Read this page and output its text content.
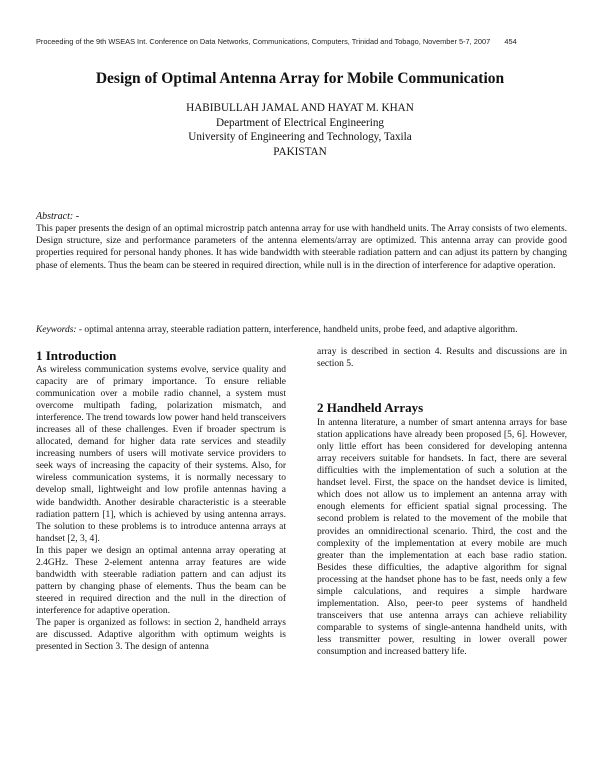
Proceeding of the 9th WSEAS Int. Conference on Data Networks, Communications, Computers, Trinidad and Tobago, November 5-7, 2007 454
Design of Optimal Antenna Array for Mobile Communication
HABIBULLAH JAMAL AND HAYAT M. KHAN
Department of Electrical Engineering
University of Engineering and Technology, Taxila
PAKISTAN
Abstract: -
This paper presents the design of an optimal microstrip patch antenna array for use with handheld units. The Array consists of two elements. Design structure, size and performance parameters of the antenna elements/array are optimized. This antenna array can provide good properties required for personal handy phones. It has wide bandwidth with steerable radiation pattern and can adjust its pattern by changing phase of elements. Thus the beam can be steered in required direction, while null is in the direction of interference for adaptive operation.
Keywords: - optimal antenna array, steerable radiation pattern, interference, handheld units, probe feed, and adaptive algorithm.
1 Introduction

As wireless communication systems evolve, service quality and capacity are of primary importance. To ensure reliable communication over a mobile radio channel, a system must overcome multipath fading, polarization mismatch, and interference. The trend towards low power hand held transceivers increases all of these challenges. Even if broader spectrum is allocated, demand for higher data rate services and steadily increasing numbers of users will motivate service providers to seek ways of increasing the capacity of their systems. Also, for wireless communication systems, it is normally necessary to develop small, lightweight and low profile antennas having a wide bandwidth. Another desirable characteristic is a steerable radiation pattern [1], which is achieved by using antenna arrays. The solution to these problems is to introduce antenna arrays at handset [2, 3, 4].

In this paper we design an optimal antenna array operating at 2.4GHz. These 2-element antenna array features are wide bandwidth with steerable radiation pattern and can adjust its pattern by changing phase of elements. Thus the beam can be steered in required direction and the null in the direction of interference for adaptive operation.

The paper is organized as follows: in section 2, handheld arrays are discussed. Adaptive algorithm with optimum weights is presented in Section 3. The design of antenna

array is described in section 4. Results and discussions are in section 5.

2 Handheld Arrays

In antenna literature, a number of smart antenna arrays for base station applications have already been proposed [5, 6]. However, only little effort has been considered for developing antenna array receivers suitable for handsets. In fact, there are several difficulties with the implementation of such a solution at the handset level. First, the space on the handset device is limited, which does not allow us to implement an antenna array with enough elements for efficient spatial signal processing. The second problem is related to the movement of the mobile that provides an omnidirectional scenario. Third, the cost and the complexity of the implementation at every mobile are much greater than the implementation at each base radio station. Besides these difficulties, the adaptive algorithm for signal processing at the handset phone has to be fast, needs only a few simple calculations, and requires a simple hardware implementation. Also, peer-to peer systems of handheld transceivers that use antenna arrays can achieve reliability comparable to systems of single-antenna handheld units, with less transmitter power, resulting in lower overall power consumption and increased battery life.
